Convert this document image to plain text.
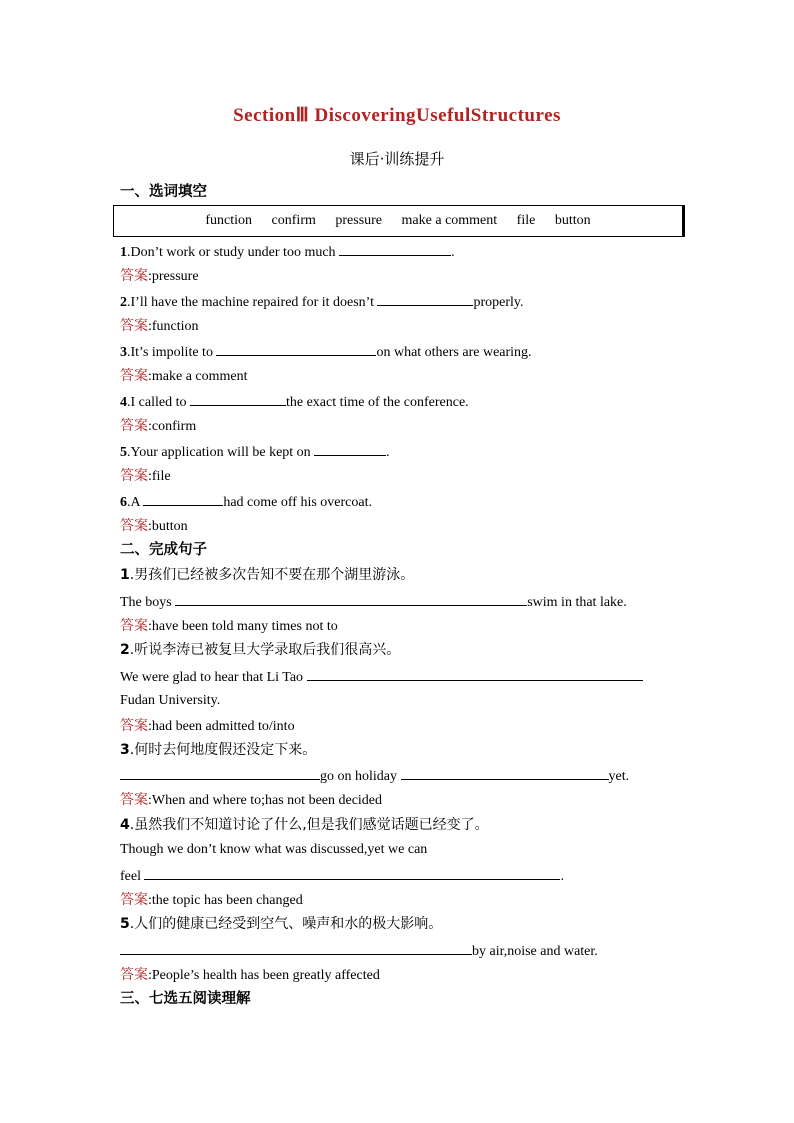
SectionⅢ DiscoveringUsefulStructures
课后·训练提升
一、选词填空
function confirm pressure make a comment file button
1.Don’t work or study under too much	.
答案:pressure
2.I’ll have the machine repaired for it doesn’t	properly.
答案:function
3.It’s impolite to	on what others are wearing.
答案:make a comment
4.I called to	the exact time of the conference.
答案:confirm
5.Your application will be kept on	.
答案:file
6.A	had come off his overcoat.
答案:button
二、完成句子
1.男孩们已经被多次告知不要在那个湖里游泳。
The boys	swim in that lake.
答案:have been told many times not to
2.听说李涛已被复旦大学录取后我们很高兴。
We were glad to hear that Li Tao
Fudan University.
答案:had been admitted to/into
3.何时去何地度假还没定下来。
go on holiday	yet.
答案:When and where to;has not been decided
4.虽然我们不知道讨论了什么,但是我们感觉话题已经变了。
Though we don’t know what was discussed,yet we can
feel	.
答案:the topic has been changed
5.人们的健康已经受到空气、噪声和水的极大影响。
by air,noise and water.
答案:People’s health has been greatly affected
三、七选五阅读理解
